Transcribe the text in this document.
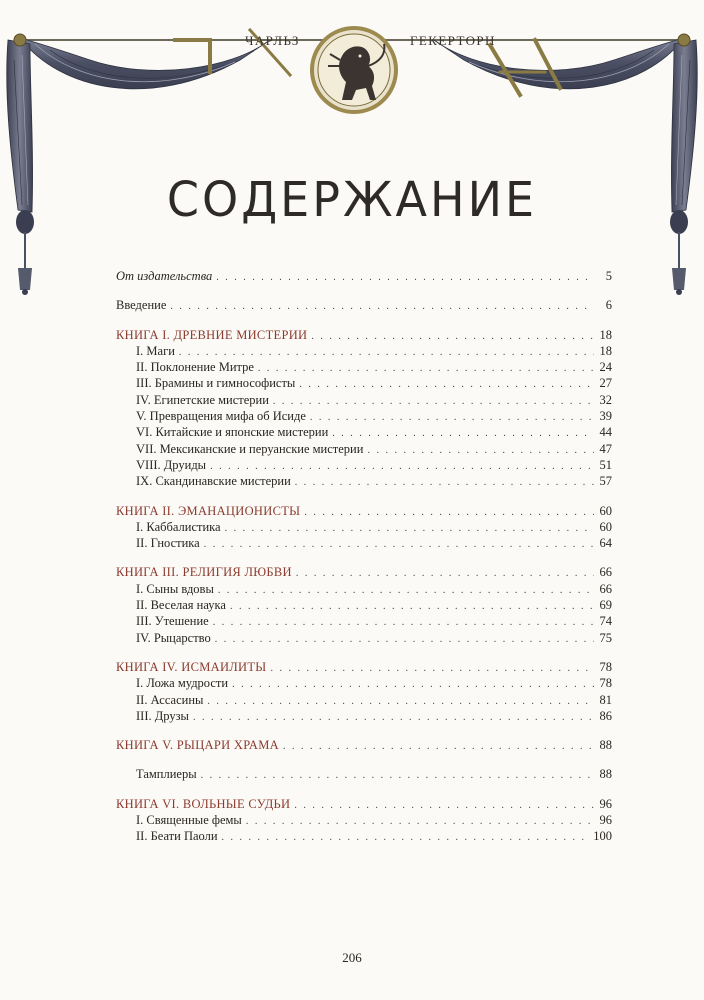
ЧАРЛЬЗ	ГЕКЕРТОРН
СОДЕРЖАНИЕ
От издательства . . .	5
Введение . . .	6
КНИГА I. ДРЕВНИЕ МИСТЕРИИ . . .	18
I. Маги . . .	18
II. Поклонение Митре . . .	24
III. Брамины и гимнософисты . . .	27
IV. Египетские мистерии . . .	32
V. Превращения мифа об Исиде . . .	39
VI. Китайские и японские мистерии . . .	44
VII. Мексиканские и перуанские мистерии . . .	47
VIII. Друиды . . .	51
IX. Скандинавские мистерии . . .	57
КНИГА II. ЭМАНАЦИОНИСТЫ . . .	60
I. Каббалистика . . .	60
II. Гностика . . .	64
КНИГА III. РЕЛИГИЯ ЛЮБВИ . . .	66
I. Сыны вдовы . . .	66
II. Веселая наука . . .	69
III. Утешение . . .	74
IV. Рыцарство . . .	75
КНИГА IV. ИСМАИЛИТЫ . . .	78
I. Ложа мудрости . . .	78
II. Ассасины . . .	81
III. Друзы . . .	86
КНИГА V. РЫЦАРИ ХРАМА . . .	88
Тамплиеры . . .	88
КНИГА VI. ВОЛЬНЫЕ СУДЬИ . . .	96
I. Священные фемы . . .	96
II. Беати Паоли . . .	100
206
